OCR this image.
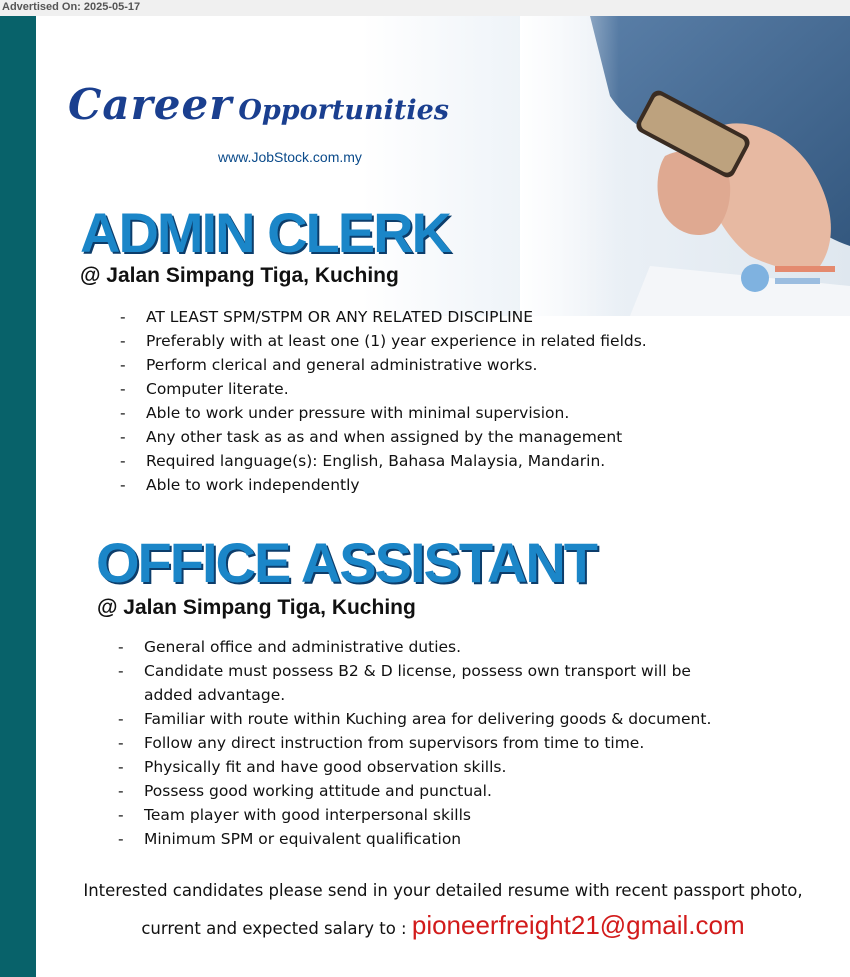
Advertised On: 2025-05-17
Career Opportunities
www.JobStock.com.my
ADMIN CLERK
@ Jalan Simpang Tiga, Kuching
- AT LEAST SPM/STPM OR ANY RELATED DISCIPLINE
- Preferably with at least one (1) year experience in related fields.
- Perform clerical and general administrative works.
- Computer literate.
- Able to work under pressure with minimal supervision.
- Any other task as as and when assigned by the management
- Required language(s): English, Bahasa Malaysia, Mandarin.
- Able to work independently
OFFICE ASSISTANT
@ Jalan Simpang Tiga, Kuching
- General office and administrative duties.
- Candidate must possess B2 & D license, possess own transport will be added advantage.
- Familiar with route within Kuching area for delivering goods & document.
- Follow any direct instruction from supervisors from time to time.
- Physically fit and have good observation skills.
- Possess good working attitude and punctual.
- Team player with good interpersonal skills
- Minimum SPM or equivalent qualification
Interested candidates please send in your detailed resume with recent passport photo,
current and expected salary to : pioneerfreight21@gmail.com
